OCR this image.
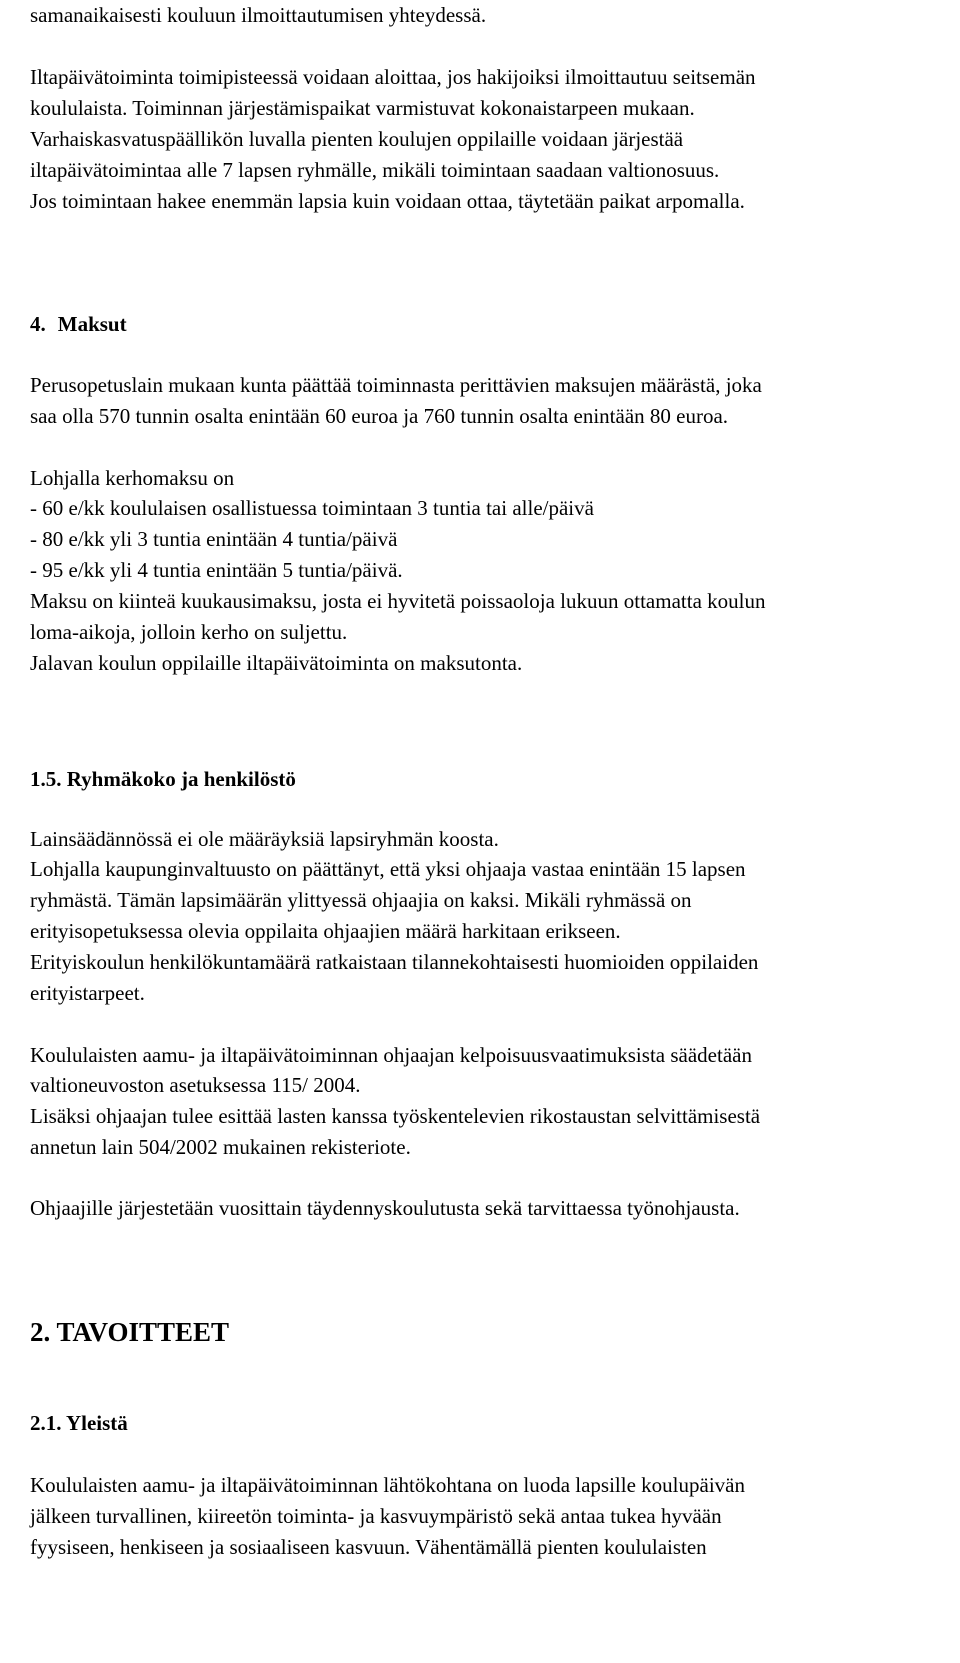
samanaikaisesti kouluun ilmoittautumisen yhteydessä.
Iltapäivätoiminta toimipisteessä voidaan aloittaa, jos hakijoiksi ilmoittautuu seitsemän
koululaista. Toiminnan järjestämispaikat varmistuvat kokonaistarpeen mukaan.
Varhaiskasvatuspäällikön luvalla pienten koulujen oppilaille voidaan järjestää
iltapäivätoimintaa alle 7 lapsen ryhmälle, mikäli toimintaan saadaan valtionosuus.
Jos toimintaan hakee enemmän lapsia kuin voidaan ottaa, täytetään paikat arpomalla.
4. Maksut
Perusopetuslain mukaan kunta päättää toiminnasta perittävien maksujen määrästä, joka
saa olla 570 tunnin osalta enintään 60 euroa ja 760 tunnin osalta enintään 80 euroa.
Lohjalla kerhomaksu on
- 60 e/kk koululaisen osallistuessa toimintaan 3 tuntia tai alle/päivä
- 80 e/kk yli 3 tuntia enintään 4 tuntia/päivä
- 95 e/kk yli 4 tuntia enintään 5 tuntia/päivä.
Maksu on kiinteä kuukausimaksu, josta ei hyvitetä poissaoloja lukuun ottamatta koulun
loma-aikoja, jolloin kerho on suljettu.
Jalavan koulun oppilaille iltapäivätoiminta on maksutonta.
1.5. Ryhmäkoko ja henkilöstö
Lainsäädännössä ei ole määräyksiä lapsiryhmän koosta.
Lohjalla kaupunginvaltuusto on päättänyt, että yksi ohjaaja vastaa enintään 15 lapsen
ryhmästä. Tämän lapsimäärän ylittyessä ohjaajia on kaksi. Mikäli ryhmässä on
erityisopetuksessa olevia oppilaita ohjaajien määrä harkitaan erikseen.
Erityiskoulun henkilökuntamäärä ratkaistaan tilannekohtaisesti huomioiden oppilaiden
erityistarpeet.
Koululaisten aamu- ja iltapäivätoiminnan ohjaajan kelpoisuusvaatimuksista säädetään
valtioneuvoston asetuksessa 115/ 2004.
Lisäksi ohjaajan tulee esittää lasten kanssa työskentelevien rikostaustan selvittämisestä
annetun lain 504/2002 mukainen rekisteriote.
Ohjaajille järjestetään vuosittain täydennyskoulutusta sekä tarvittaessa työnohjausta.
2. TAVOITTEET
2.1. Yleistä
Koululaisten aamu- ja iltapäivätoiminnan lähtökohtana on luoda lapsille koulupäivän
jälkeen turvallinen, kiireetön toiminta- ja kasvuympäristö sekä antaa tukea hyvään
fyysiseen, henkiseen ja sosiaaliseen kasvuun. Vähentämällä pienten koululaisten
